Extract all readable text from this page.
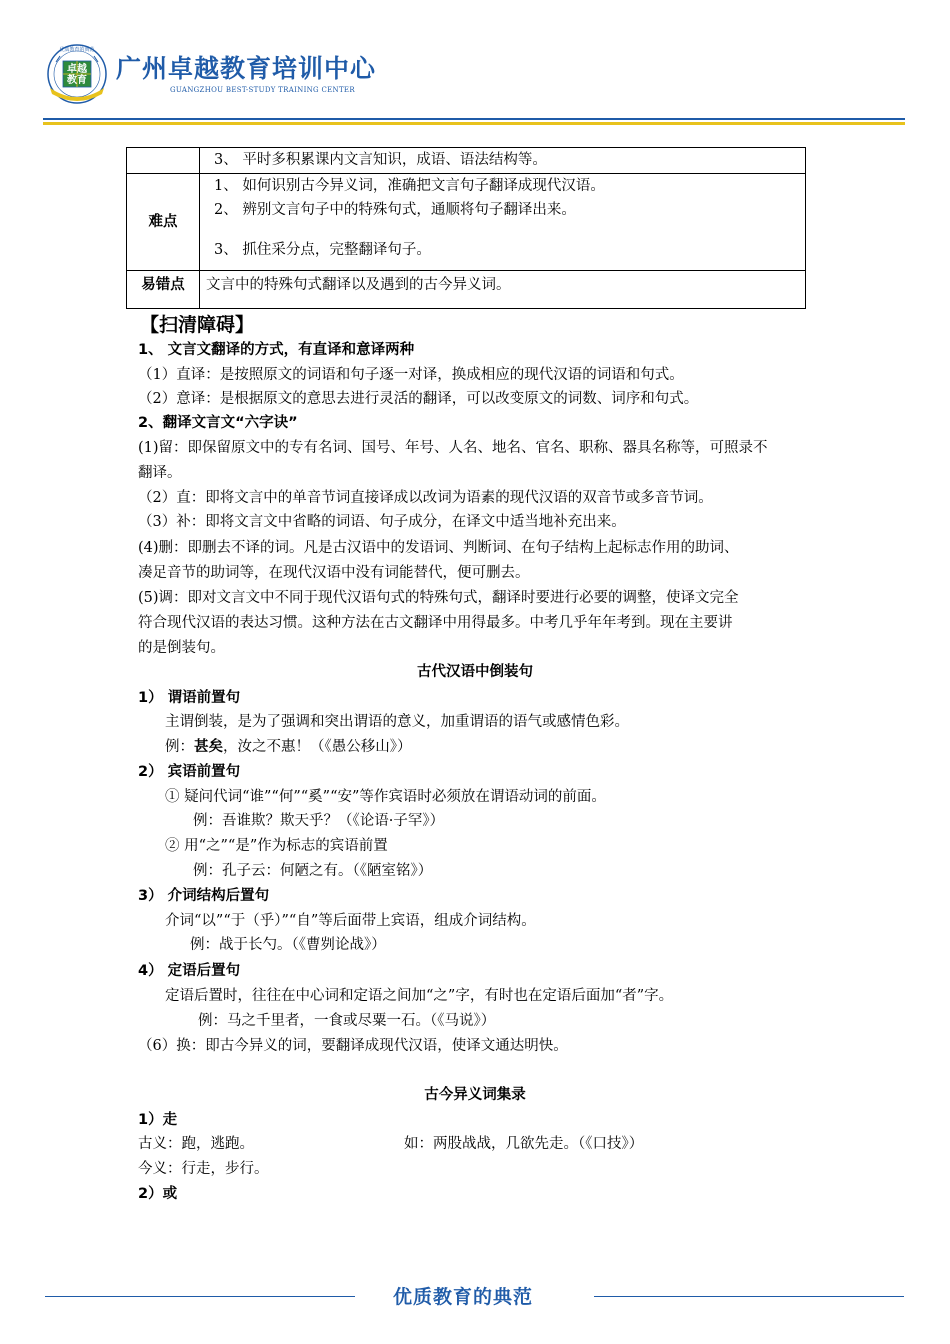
卓越教育
优质教育的典范
广州卓越教育培训中心
GUANGZHOU BEST-STUDY TRAINING CENTER
	3、 平时多积累课内文言知识，成语、语法结构等。
难点	1、 如何识别古今异义词，准确把文言句子翻译成现代汉语。
2、 辨别文言句子中的特殊句式，通顺将句子翻译出来。
3、 抓住采分点，完整翻译句子。

易错点	文言中的特殊句式翻译以及遇到的古今异义词。
【扫清障碍】
1、 文言文翻译的方式，有直译和意译两种
（1）直译：是按照原文的词语和句子逐一对译，换成相应的现代汉语的词语和句式。
（2）意译：是根据原文的意思去进行灵活的翻译，可以改变原文的词数、词序和句式。
2、翻译文言文“六字诀”
(1)留：即保留原文中的专有名词、国号、年号、人名、地名、官名、职称、器具名称等，可照录不
翻译。
（2）直：即将文言中的单音节词直接译成以改词为语素的现代汉语的双音节或多音节词。
（3）补：即将文言文中省略的词语、句子成分，在译文中适当地补充出来。
(4)删：即删去不译的词。凡是古汉语中的发语词、判断词、在句子结构上起标志作用的助词、
凑足音节的助词等，在现代汉语中没有词能替代，便可删去。
(5)调：即对文言文中不同于现代汉语句式的特殊句式，翻译时要进行必要的调整，使译文完全
符合现代汉语的表达习惯。这种方法在古文翻译中用得最多。中考几乎年年考到。现在主要讲
的是倒装句。
古代汉语中倒装句
1） 谓语前置句
主谓倒装，是为了强调和突出谓语的意义，加重谓语的语气或感情色彩。
例：甚矣，汝之不惠！（《愚公移山》）
2） 宾语前置句
① 疑问代词“谁”“何”“奚”“安”等作宾语时必须放在谓语动词的前面。
例：吾谁欺？欺天乎？（《论语·子罕》）
② 用“之”“是”作为标志的宾语前置
例：孔子云：何陋之有。（《陋室铭》）
3） 介词结构后置句
介词“以”“于（乎）”“自”等后面带上宾语，组成介词结构。
例：战于长勺。（《曹刿论战》）
4） 定语后置句
定语后置时，往往在中心词和定语之间加“之”字，有时也在定语后面加“者”字。
例：马之千里者，一食或尽粟一石。（《马说》）
（6）换：即古今异义的词，要翻译成现代汉语，使译文通达明快。
古今异义词集录
1）走
古义：跑，逃跑。	如：两股战战，几欲先走。（《口技》）
今义：行走，步行。
2）或
优质教育的典范
